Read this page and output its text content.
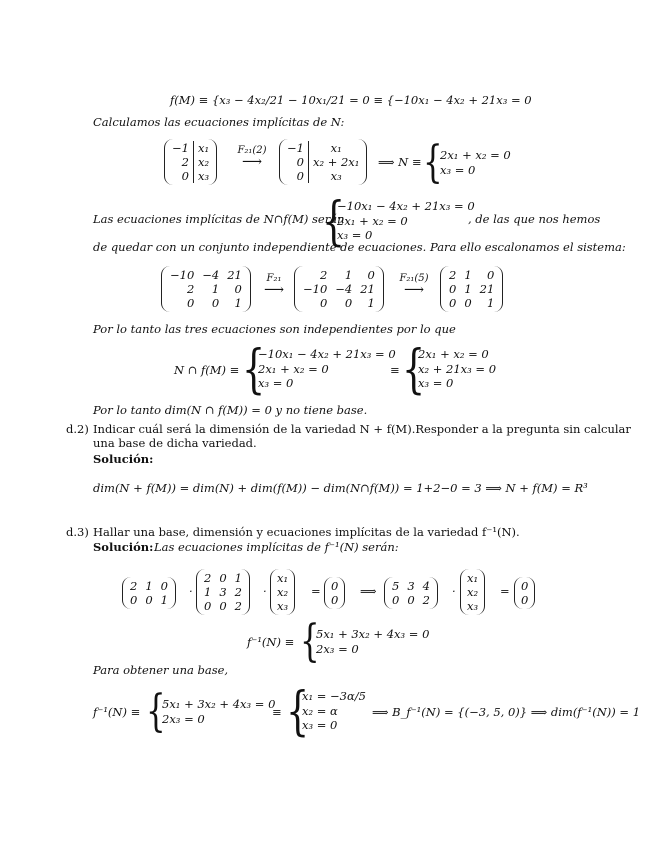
f(M) ≡ {x₃ − 4x₂/21 − 10x₁/21 = 0 ≡ {−10x₁ − 4x₂ + 21x₃ = 0
Calculamos las ecuaciones implícitas de N:
−1	x₁
2	x₂
0	x₃
F₂₁(2)
⟶
−1	x₁
0	x₂ + 2x₁
0	x₃
⟹ N ≡ {
2x₁ + x₂ = 0
x₃ = 0
Las ecuaciones implícitas de N∩f(M) serán
{
−10x₁ − 4x₂ + 21x₃ = 0
2x₁ + x₂ = 0
x₃ = 0
, de las que nos hemos
de quedar con un conjunto independiente de ecuaciones. Para ello escalonamos el sistema:
−10	−4	21
2	1	0
0	0	1
F₂₁
⟶
2	1	0
−10	−4	21
0	0	1
F₂₁(5)
⟶
2	1	0
0	1	21
0	0	1
Por lo tanto las tres ecuaciones son independientes por lo que
N ∩ f(M) ≡ {
−10x₁ − 4x₂ + 21x₃ = 0
2x₁ + x₂ = 0
x₃ = 0
≡ {
2x₁ + x₂ = 0
x₂ + 21x₃ = 0
x₃ = 0
Por lo tanto dim(N ∩ f(M)) = 0 y no tiene base.
d.2) Indicar cuál será la dimensión de la variedad N + f(M).Responder a la pregunta sin calcular
una base de dicha variedad.
Solución:
dim(N + f(M)) = dim(N) + dim(f(M)) − dim(N∩f(M)) = 1+2−0 = 3 ⟹ N + f(M) = R³
d.3) Hallar una base, dimensión y ecuaciones implícitas de la variedad f⁻¹(N).
Solución: Las ecuaciones implícitas de f⁻¹(N) serán:
2	1	0
0	0	1
·
2	0	1
1	3	2
0	0	2
·
x₁
x₂
x₃
= 0
0
⟹ 5	3	4
0	0	2
·
x₁
x₂
x₃
= 0
0
f⁻¹(N) ≡ {
5x₁ + 3x₂ + 4x₃ = 0
2x₃ = 0
Para obtener una base,
f⁻¹(N) ≡ {
5x₁ + 3x₂ + 4x₃ = 0
2x₃ = 0	≡ {
x₁ = −3α/5
x₂ = α
x₃ = 0
⟹ B_f⁻¹(N) = {(−3, 5, 0)} ⟹ dim(f⁻¹(N)) = 1
